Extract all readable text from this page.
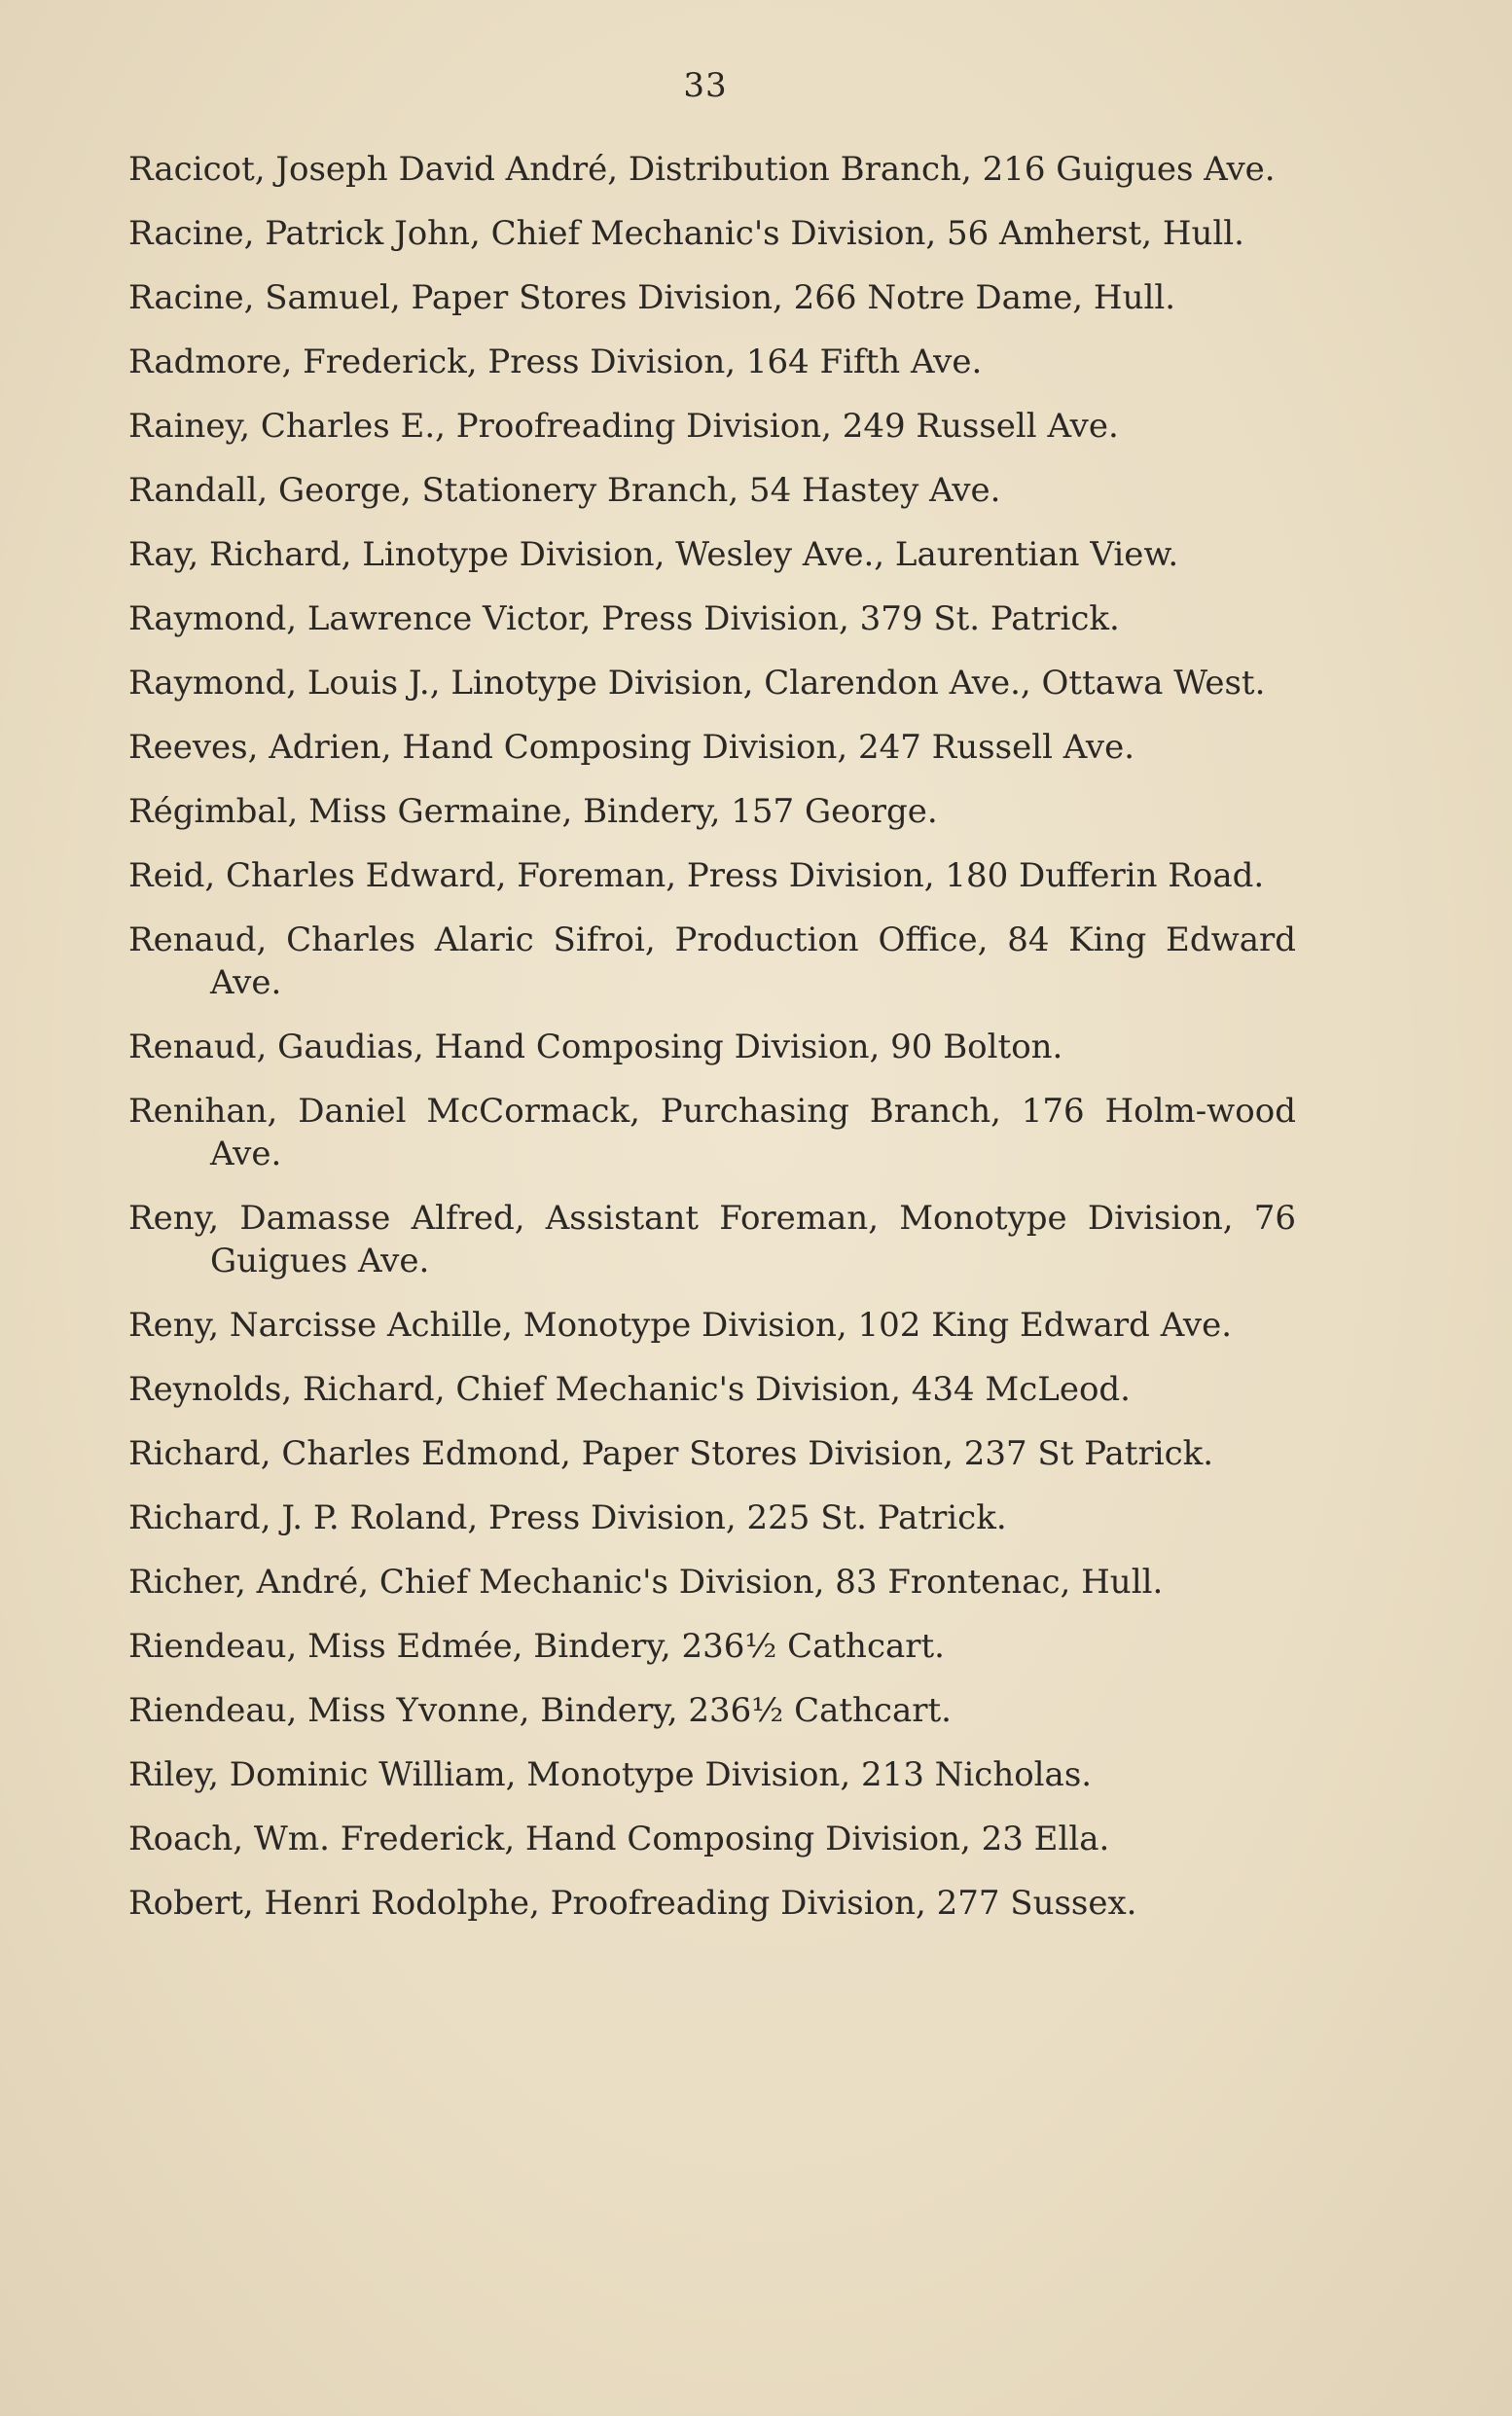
33
Racicot, Joseph David André, Distribution Branch, 216 Guigues Ave.
Racine, Patrick John, Chief Mechanic's Division, 56 Amherst, Hull.
Racine, Samuel, Paper Stores Division, 266 Notre Dame, Hull.
Radmore, Frederick, Press Division, 164 Fifth Ave.
Rainey, Charles E., Proofreading Division, 249 Russell Ave.
Randall, George, Stationery Branch, 54 Hastey Ave.
Ray, Richard, Linotype Division, Wesley Ave., Laurentian View.
Raymond, Lawrence Victor, Press Division, 379 St. Patrick.
Raymond, Louis J., Linotype Division, Clarendon Ave., Ottawa West.
Reeves, Adrien, Hand Composing Division, 247 Russell Ave.
Régimbal, Miss Germaine, Bindery, 157 George.
Reid, Charles Edward, Foreman, Press Division, 180 Dufferin Road.
Renaud, Charles Alaric Sifroi, Production Office, 84 King Edward Ave.
Renaud, Gaudias, Hand Composing Division, 90 Bolton.
Renihan, Daniel McCormack, Purchasing Branch, 176 Holm-wood Ave.
Reny, Damasse Alfred, Assistant Foreman, Monotype Division, 76 Guigues Ave.
Reny, Narcisse Achille, Monotype Division, 102 King Edward Ave.
Reynolds, Richard, Chief Mechanic's Division, 434 McLeod.
Richard, Charles Edmond, Paper Stores Division, 237 St Patrick.
Richard, J. P. Roland, Press Division, 225 St. Patrick.
Richer, André, Chief Mechanic's Division, 83 Frontenac, Hull.
Riendeau, Miss Edmée, Bindery, 236½ Cathcart.
Riendeau, Miss Yvonne, Bindery, 236½ Cathcart.
Riley, Dominic William, Monotype Division, 213 Nicholas.
Roach, Wm. Frederick, Hand Composing Division, 23 Ella.
Robert, Henri Rodolphe, Proofreading Division, 277 Sussex.
